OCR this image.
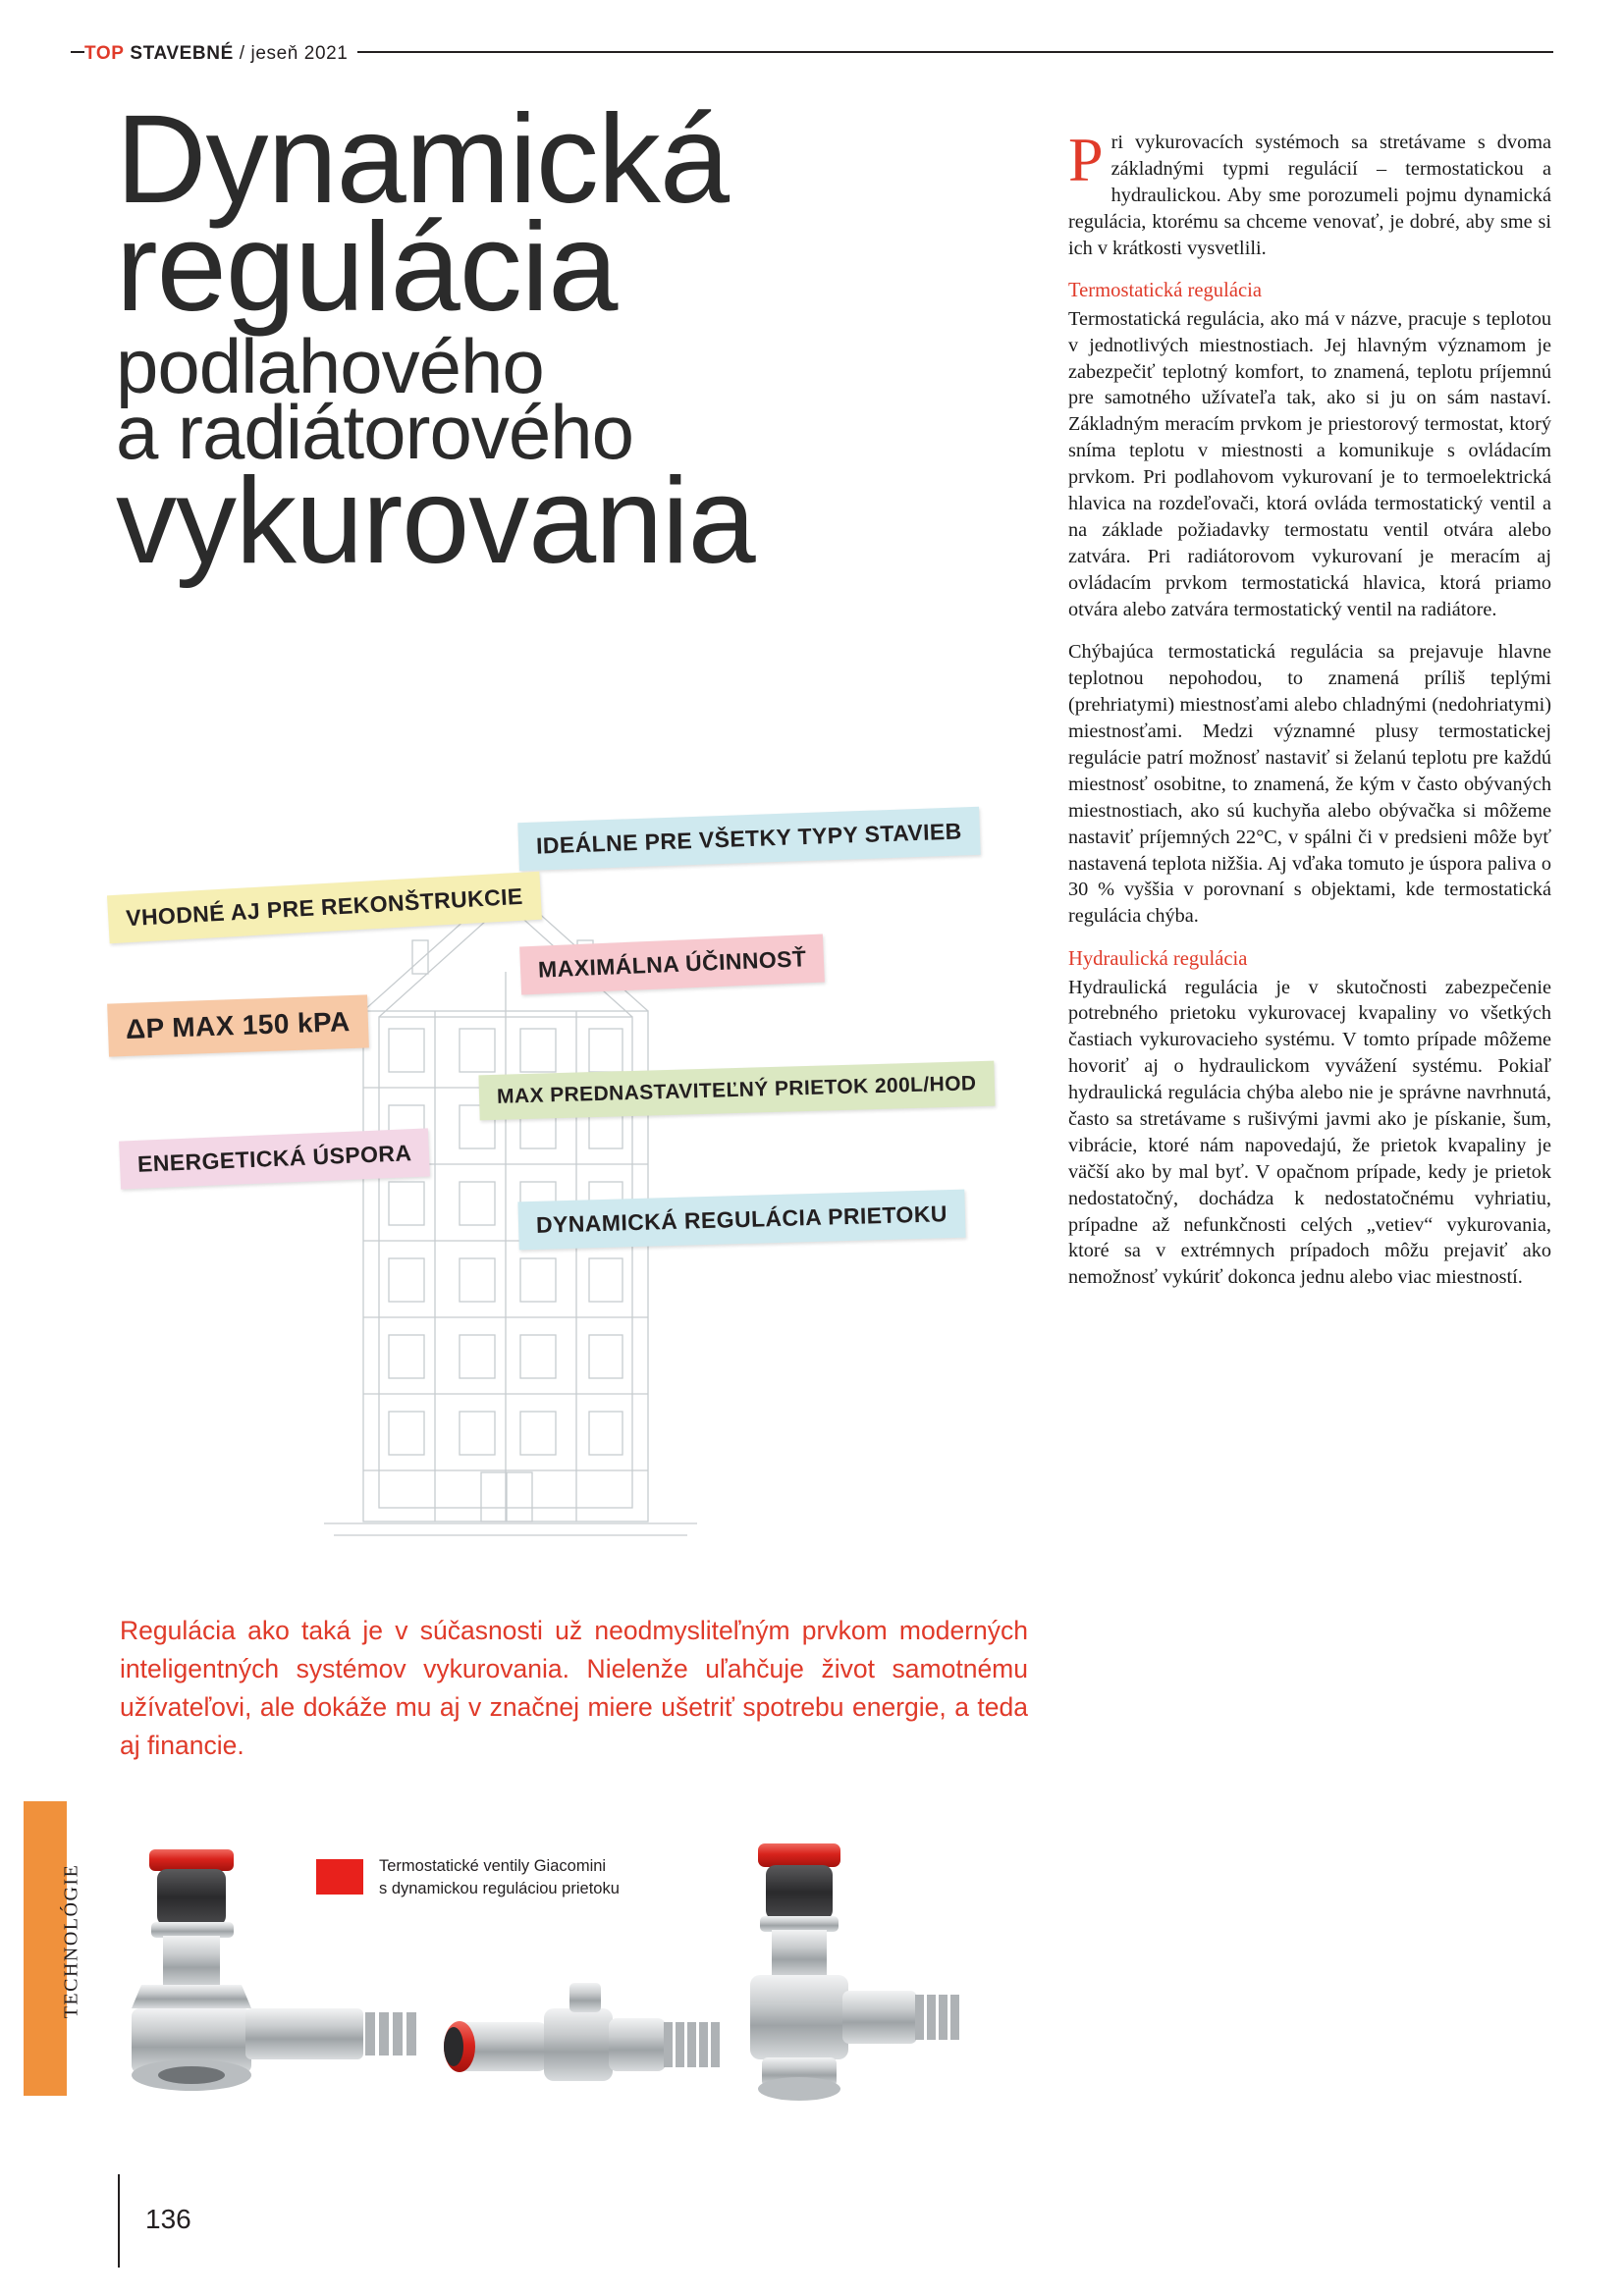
TOP STAVEBNÉ / jeseň 2021
TECHNOLÓGIE
136
Dynamická
regulácia
podlahového
a radiátorového
vykurovania
IDEÁLNE PRE VŠETKY TYPY STAVIEB
VHODNÉ AJ PRE REKONŠTRUKCIE
MAXIMÁLNA ÚČINNOSŤ
ΔP MAX 150 kPA
MAX PREDNASTAVITEĽNÝ PRIETOK 200L/HOD
ENERGETICKÁ ÚSPORA
DYNAMICKÁ REGULÁCIA PRIETOKU
Regulácia ako taká je v súčasnosti už neodmysliteľným prvkom moderných inteligentných systémov vykurovania. Nielenže uľahčuje život samotnému užívateľovi, ale dokáže mu aj v značnej miere ušetriť spotrebu energie, a teda aj financie.
Termostatické ventily Giacomini
s dynamickou reguláciou prietoku

Pri vykurovacích systémoch sa stretávame s dvoma základnými typmi regulácií – termostatickou a hydraulickou. Aby sme porozumeli pojmu dynamická regulácia, ktorému sa chceme venovať, je dobré, aby sme si ich v krátkosti vysvetlili.

Termostatická regulácia

Termostatická regulácia, ako má v názve, pracuje s teplotou v jednotlivých miestnostiach. Jej hlavným významom je zabezpečiť teplotný komfort, to znamená, teplotu príjemnú pre samotného užívateľa tak, ako si ju on sám nastaví. Základným meracím prvkom je priestorový termostat, ktorý sníma teplotu v miestnosti a komunikuje s ovládacím prvkom. Pri podlahovom vykurovaní je to termoelektrická hlavica na rozdeľovači, ktorá ovláda termostatický ventil a na základe požiadavky termostatu ventil otvára alebo zatvára. Pri radiátorovom vykurovaní je meracím aj ovládacím prvkom termostatická hlavica, ktorá priamo otvára alebo zatvára termostatický ventil na radiátore.

Chýbajúca termostatická regulácia sa prejavuje hlavne teplotnou nepohodou, to znamená príliš teplými (prehriatymi) miestnosťami alebo chladnými (nedohriatymi) miestnosťami. Medzi významné plusy termostatickej regulácie patrí možnosť nastaviť si želanú teplotu pre každú miestnosť osobitne, to znamená, že kým v často obývaných miestnostiach, ako sú kuchyňa alebo obývačka si môžeme nastaviť príjemných 22°C, v spálni či v predsieni môže byť nastavená teplota nižšia. Aj vďaka tomuto je úspora paliva o 30 % vyššia v porovnaní s objektami, kde termostatická regulácia chýba.

Hydraulická regulácia

Hydraulická regulácia je v skutočnosti zabezpečenie potrebného prietoku vykurovacej kvapaliny vo všetkých častiach vykurovacieho systému. V tomto prípade môžeme hovoriť aj o hydraulickom vyvážení systému. Pokiaľ hydraulická regulácia chýba alebo nie je správne navrhnutá, často sa stretávame s rušivými javmi ako je pískanie, šum, vibrácie, ktoré nám napovedajú, že prietok kvapaliny je väčší ako by mal byť. V opačnom prípade, kedy je prietok nedostatočný, dochádza k nedostatočnému vyhriatiu, prípadne až nefunkčnosti celých „vetiev“ vykurovania, ktoré sa v extrémnych prípadoch môžu prejaviť ako nemožnosť vykúriť dokonca jednu alebo viac miestností.
